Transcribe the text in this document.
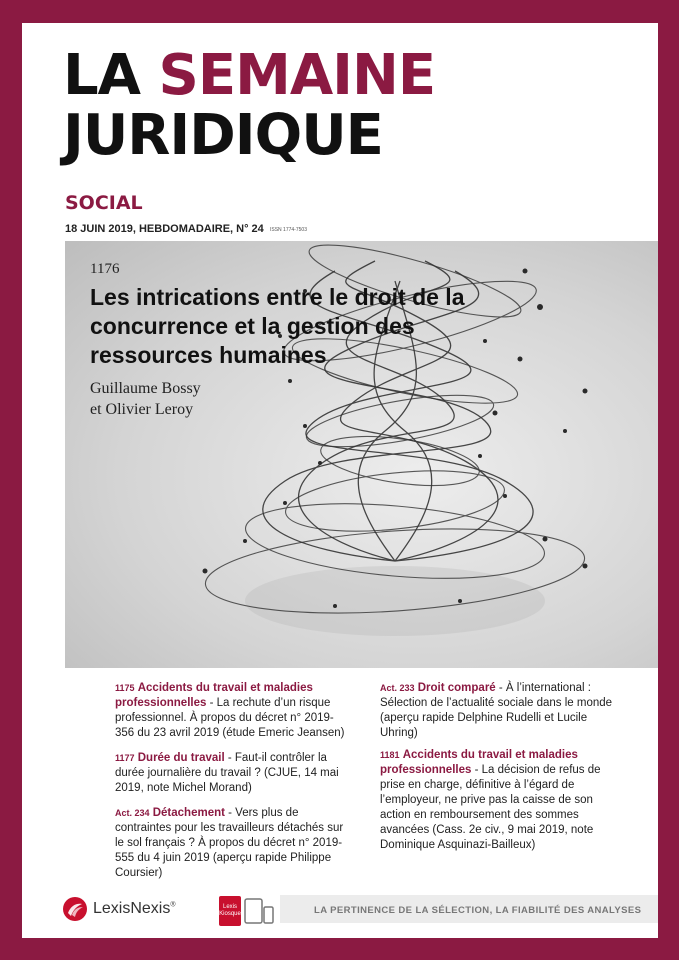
LA SEMAINE
JURIDIQUE
SOCIAL
18 JUIN 2019, HEBDOMADAIRE, N° 24 ISSN 1774-7503
1176
Les intrications entre le droit de la concurrence et la gestion des ressources humaines
Guillaume Bossy
et Olivier Leroy
1175 Accidents du travail et maladies professionnelles - La rechute d’un risque professionnel. À propos du décret n° 2019-356 du 23 avril 2019 (étude Emeric Jeansen)
1177 Durée du travail - Faut-il contrôler la durée journalière du travail ? (CJUE, 14 mai 2019, note Michel Morand)
Act. 234 Détachement - Vers plus de contraintes pour les travailleurs détachés sur le sol français ? À propos du décret n° 2019-555 du 4 juin 2019 (aperçu rapide Philippe Coursier)
Act. 233 Droit comparé - À l’international : Sélection de l’actualité sociale dans le monde (aperçu rapide Delphine Rudelli et Lucile Uhring)
1181 Accidents du travail et maladies professionnelles - La décision de refus de prise en charge, définitive à l’égard de l’employeur, ne prive pas la caisse de son action en remboursement des sommes avancées (Cass. 2e civ., 9 mai 2019, note Dominique Asquinazi-Bailleux)
LexisNexis®	Lexis Kiosque	LA PERTINENCE DE LA SÉLECTION, LA FIABILITÉ DES ANALYSES
